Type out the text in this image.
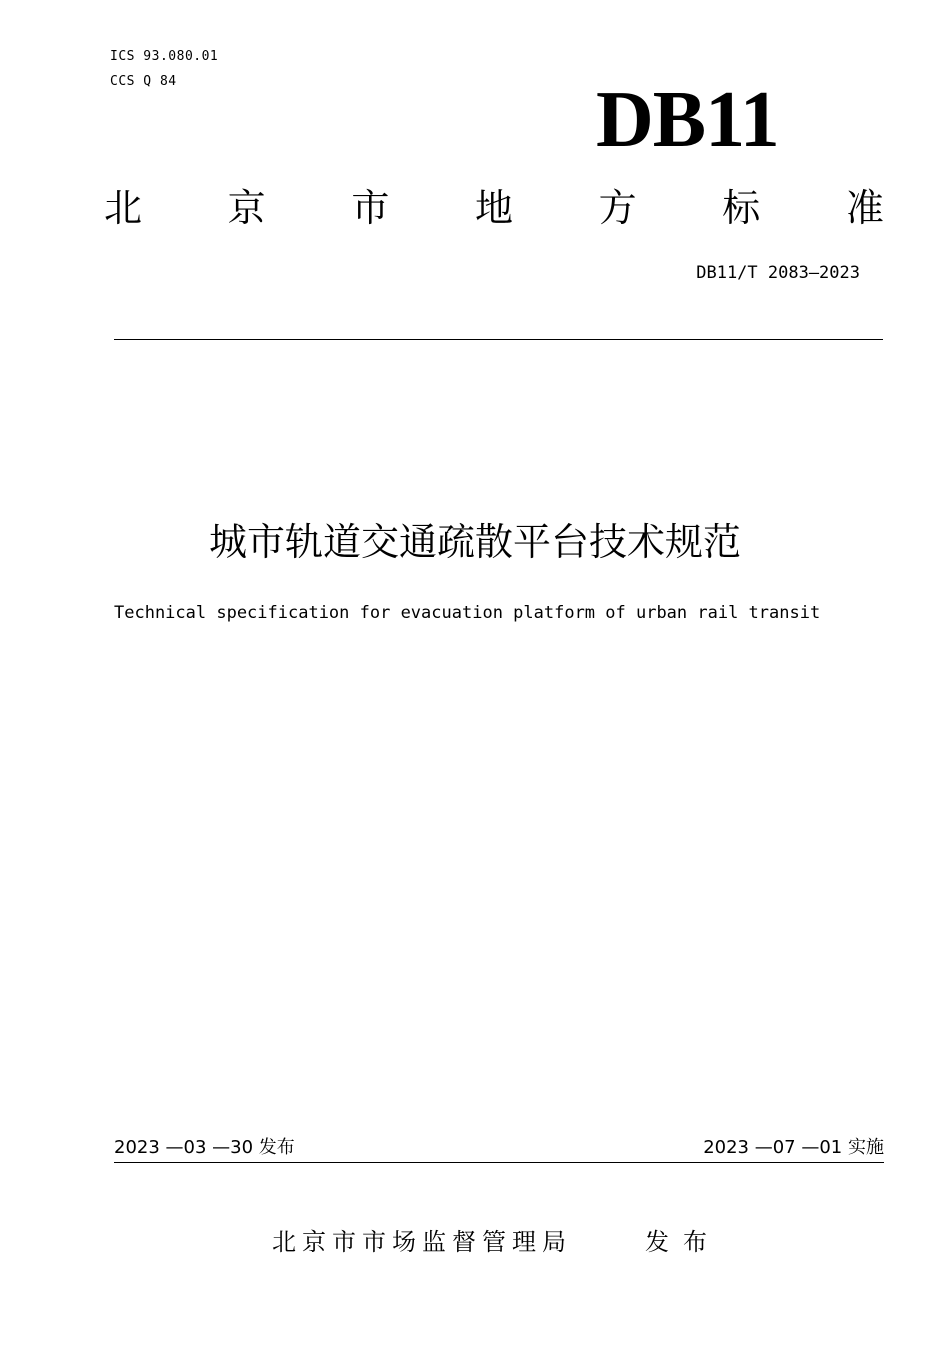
ICS 93.080.01
CCS Q 84	DB11
北 京 市 地 方 标 准
DB11/T 2083—2023
城市轨道交通疏散平台技术规范
Technical specification for evacuation platform of urban rail transit
2023 —03 —30 发布	2023 —07 —01 实施
北京市市场监督管理局	发布
